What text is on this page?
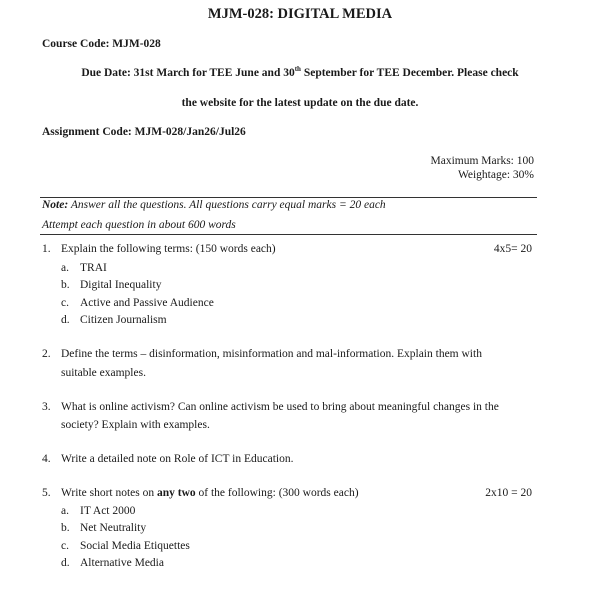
MJM-028: DIGITAL MEDIA
Course Code: MJM-028
Due Date: 31st March for TEE June and 30th September for TEE December. Please check
the website for the latest update on the due date.
Assignment Code: MJM-028/Jan26/Jul26
Maximum Marks: 100
Weightage: 30%
Note: Answer all the questions. All questions carry equal marks = 20 each
Attempt each question in about 600 words
1. Explain the following terms: (150 words each)	4x5= 20
a. TRAI
b. Digital Inequality
c. Active and Passive Audience
d. Citizen Journalism
2. Define the terms – disinformation, misinformation and mal-information. Explain them with
suitable examples.
3. What is online activism? Can online activism be used to bring about meaningful changes in the
society? Explain with examples.
4. Write a detailed note on Role of ICT in Education.
5. Write short notes on any two of the following: (300 words each)	2x10 = 20
a. IT Act 2000
b. Net Neutrality
c. Social Media Etiquettes
d. Alternative Media
